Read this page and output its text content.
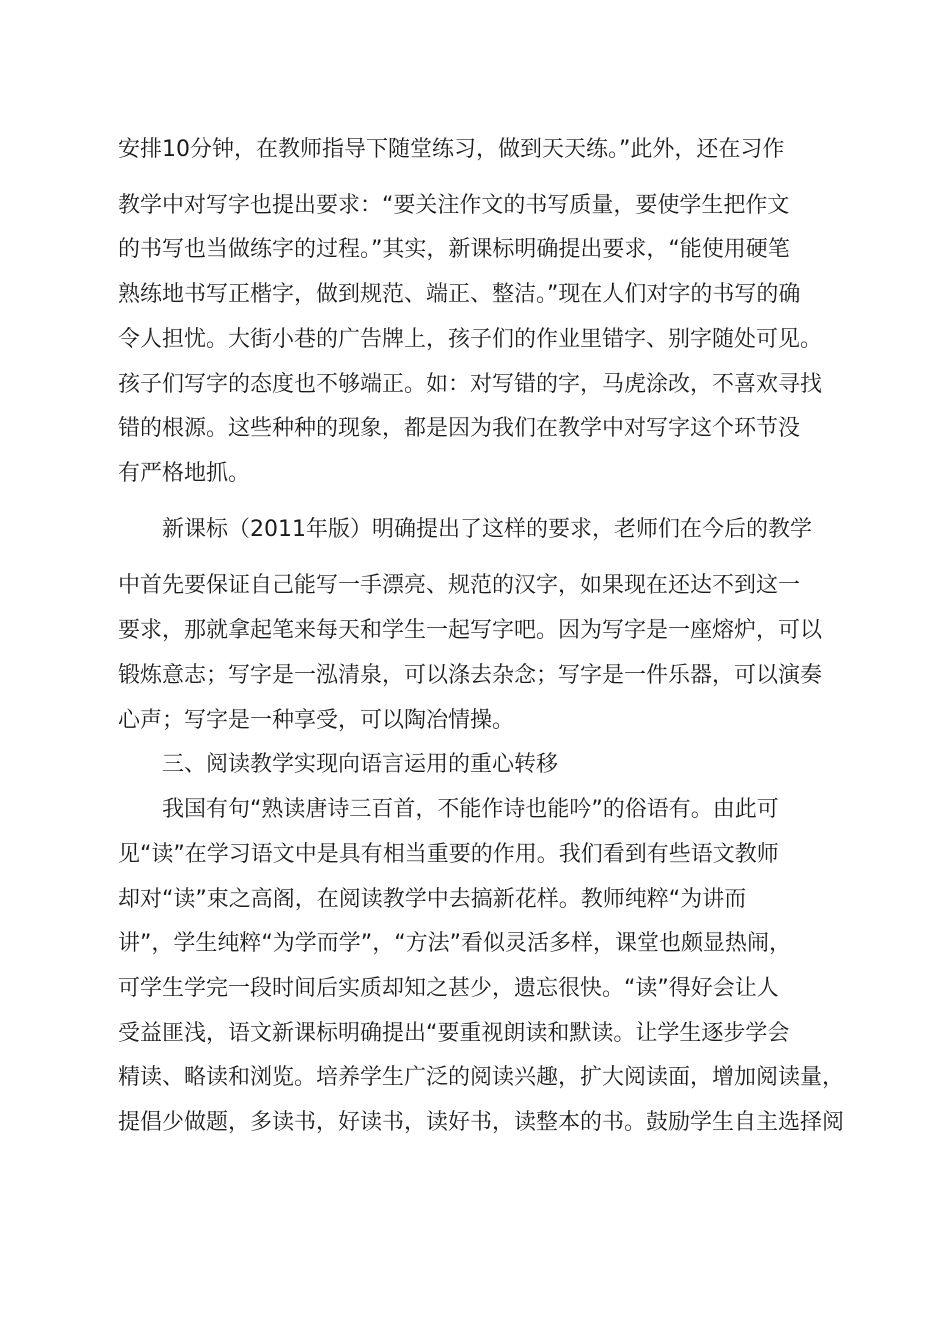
安排10分钟，在教师指导下随堂练习，做到天天练。”此外，还在习作
教学中对写字也提出要求：“要关注作文的书写质量，要使学生把作文
的书写也当做练字的过程。”其实，新课标明确提出要求，“能使用硬笔
熟练地书写正楷字，做到规范、端正、整洁。”现在人们对字的书写的确
令人担忧。大街小巷的广告牌上，孩子们的作业里错字、别字随处可见。
孩子们写字的态度也不够端正。如：对写错的字，马虎涂改，不喜欢寻找
错的根源。这些种种的现象，都是因为我们在教学中对写字这个环节没
有严格地抓。
新课标（2011年版）明确提出了这样的要求，老师们在今后的教学
中首先要保证自己能写一手漂亮、规范的汉字，如果现在还达不到这一
要求，那就拿起笔来每天和学生一起写字吧。因为写字是一座熔炉，可以
锻炼意志；写字是一泓清泉，可以涤去杂念；写字是一件乐器，可以演奏
心声；写字是一种享受，可以陶冶情操。
三、阅读教学实现向语言运用的重心转移
我国有句“熟读唐诗三百首，不能作诗也能吟”的俗语有。由此可
见“读”在学习语文中是具有相当重要的作用。我们看到有些语文教师
却对“读”束之高阁，在阅读教学中去搞新花样。教师纯粹“为讲而
讲”，学生纯粹“为学而学”，“方法”看似灵活多样，课堂也颇显热闹，
可学生学完一段时间后实质却知之甚少，遗忘很快。“读”得好会让人
受益匪浅，语文新课标明确提出“要重视朗读和默读。让学生逐步学会
精读、略读和浏览。培养学生广泛的阅读兴趣，扩大阅读面，增加阅读量，
提倡少做题，多读书，好读书，读好书，读整本的书。鼓励学生自主选择阅
